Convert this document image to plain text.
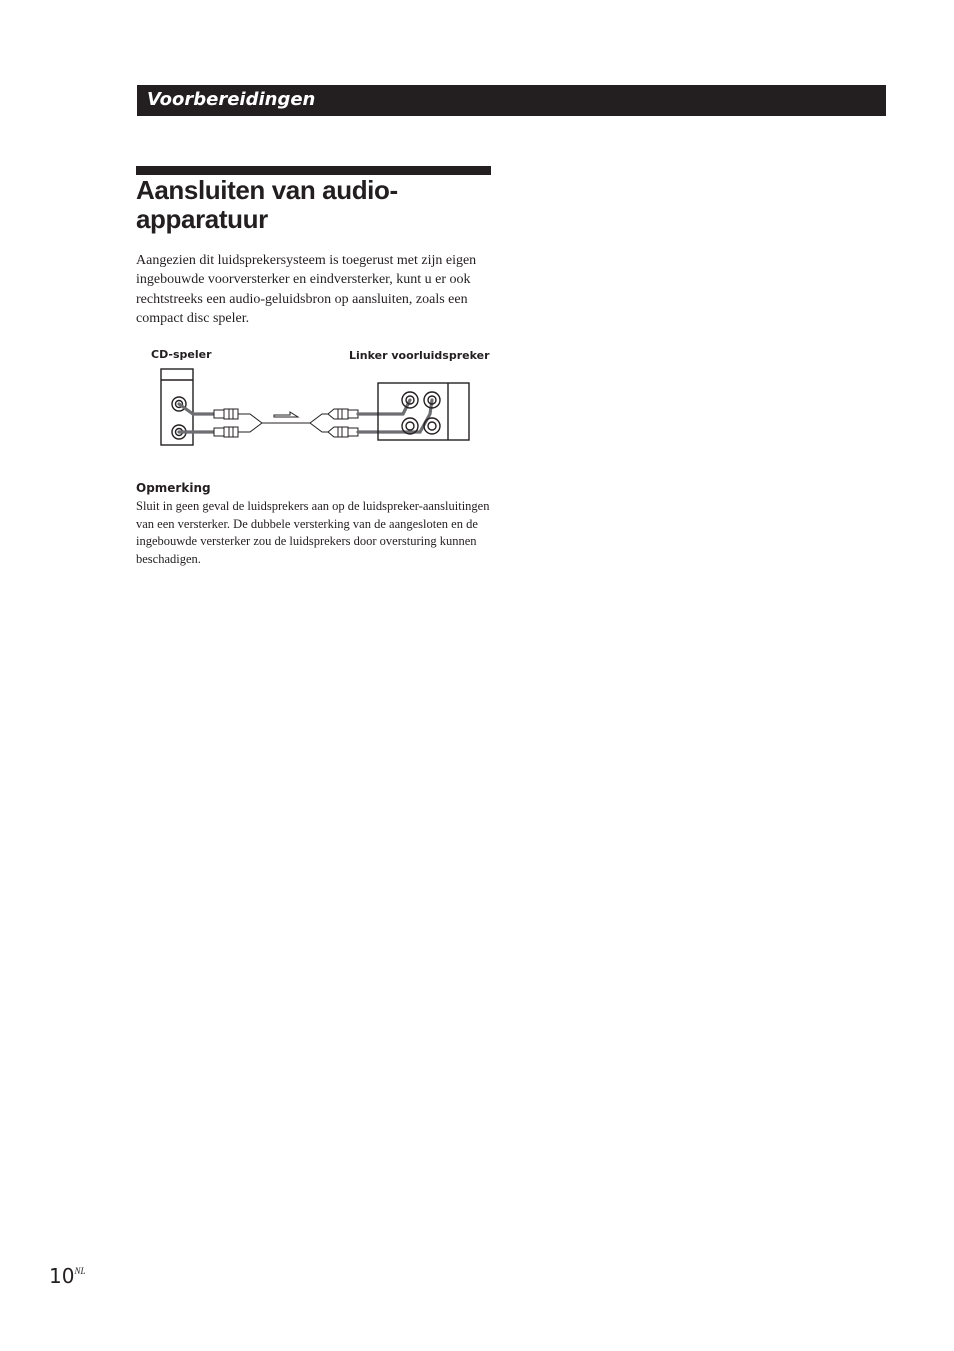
Voorbereidingen
Aansluiten van audio-
apparatuur

Aangezien dit luidsprekersysteem is toegerust met zijn eigen ingebouwde voorversterker en eindversterker, kunt u er ook rechtstreeks een audio-geluidsbron op aansluiten, zoals een compact disc speler.

CD-speler	Linker voorluidspreker
Opmerking

Sluit in geen geval de luidsprekers aan op de luidspreker-aansluitingen van een versterker. De dubbele versterking van de aangesloten en de ingebouwde versterker zou de luidsprekers door oversturing kunnen beschadigen.

$10^{NL}$
